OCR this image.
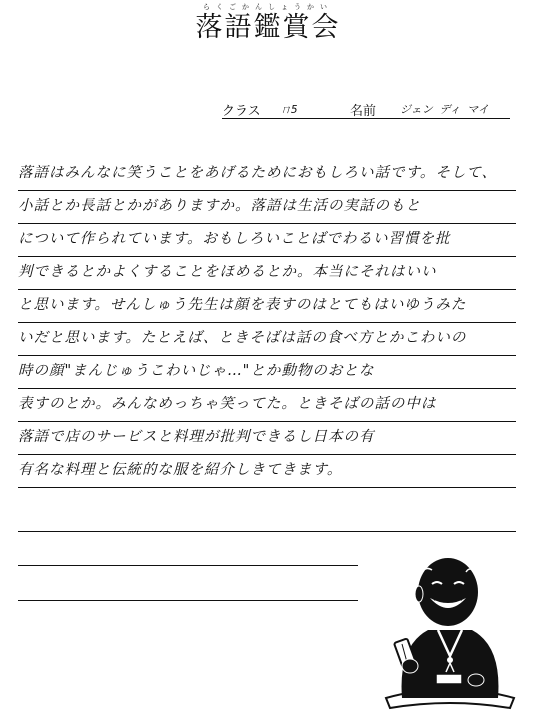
らくごかんしょうかい
落語鑑賞会
クラス ㄇ5	名前 ジェン ディ マイ
落語はみんなに笑うことをあげるためにおもしろい話です。そして、
小話とか長話とかがありますか。落語は生活の実話のもと
について作られています。おもしろいことばでわるい習慣を批
判できるとかよくすることをほめるとか。本当にそれはいい
と思います。せんしゅう先生は顔を表すのはとてもはいゆうみた
いだと思います。たとえば、ときそばは話の食べ方とかこわいの
時の顔"まんじゅうこわいじゃ…"とか動物のおとな
表すのとか。みんなめっちゃ笑ってた。ときそばの話の中は
落語で店のサービスと料理が批判できるし日本の有
有名な料理と伝統的な服を紹介しきてきます。
